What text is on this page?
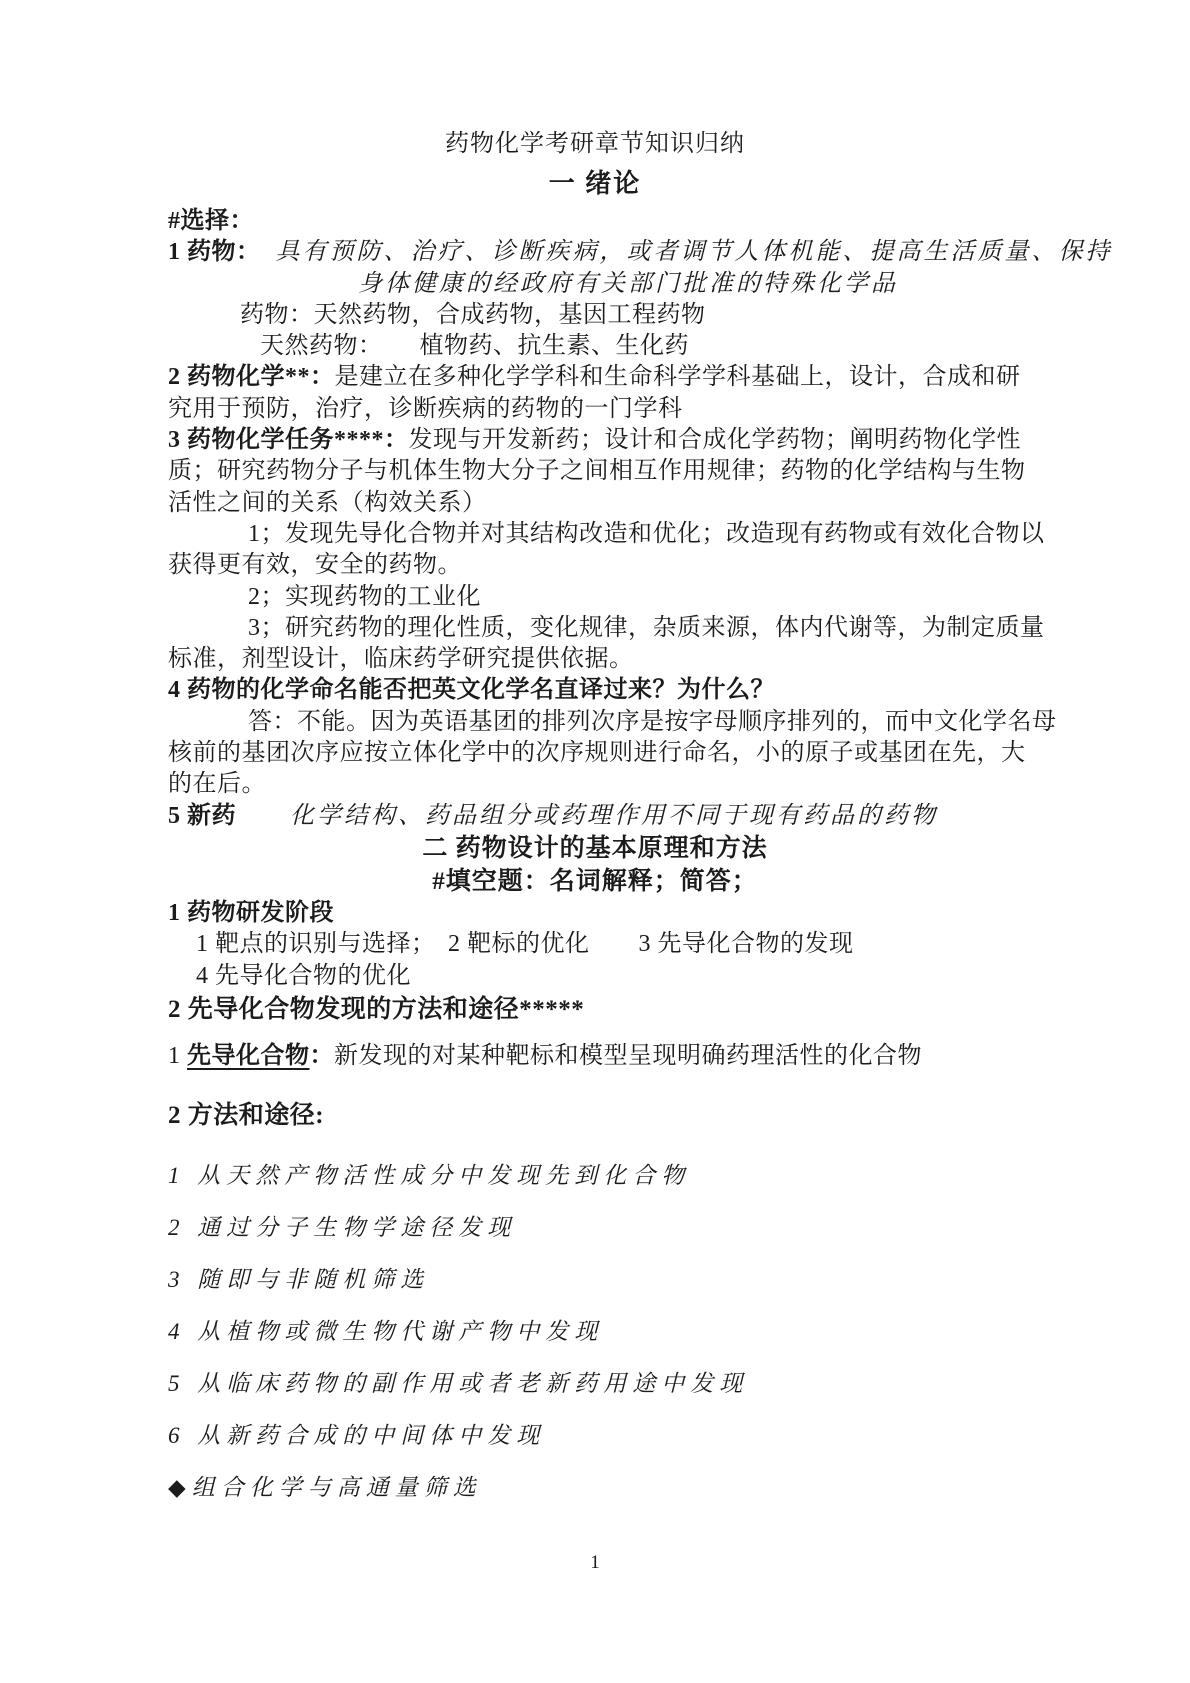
药物化学考研章节知识归纳
一 绪论
#选择：
1 药物：　具有预防、治疗、诊断疾病，或者调节人体机能、提高生活质量、保持
身体健康的经政府有关部门批准的特殊化学品
药物：天然药物，合成药物，基因工程药物
天然药物：　　植物药、抗生素、生化药
2 药物化学**：是建立在多种化学学科和生命科学学科基础上，设计，合成和研
究用于预防，治疗，诊断疾病的药物的一门学科
3 药物化学任务****：发现与开发新药；设计和合成化学药物；阐明药物化学性
质；研究药物分子与机体生物大分子之间相互作用规律；药物的化学结构与生物
活性之间的关系（构效关系）
1；发现先导化合物并对其结构改造和优化；改造现有药物或有效化合物以
获得更有效，安全的药物。
2；实现药物的工业化
3；研究药物的理化性质，变化规律，杂质来源，体内代谢等，为制定质量
标准，剂型设计，临床药学研究提供依据。
4 药物的化学命名能否把英文化学名直译过来？为什么？
答：不能。因为英语基团的排列次序是按字母顺序排列的，而中文化学名母
核前的基团次序应按立体化学中的次序规则进行命名，小的原子或基团在先，大
的在后。
5 新药　　化学结构、药品组分或药理作用不同于现有药品的药物
二 药物设计的基本原理和方法
#填空题：名词解释；简答；
1 药物研发阶段
1 靶点的识别与选择；　2 靶标的优化　　3 先导化合物的发现
4 先导化合物的优化
2 先导化合物发现的方法和途径*****
1 先导化合物：新发现的对某种靶标和模型呈现明确药理活性的化合物
2 方法和途径:
1 从天然产物活性成分中发现先到化合物
2 通过分子生物学途径发现
3 随即与非随机筛选
4 从植物或微生物代谢产物中发现
5 从临床药物的副作用或者老新药用途中发现
6 从新药合成的中间体中发现
◆组合化学与高通量筛选
1
